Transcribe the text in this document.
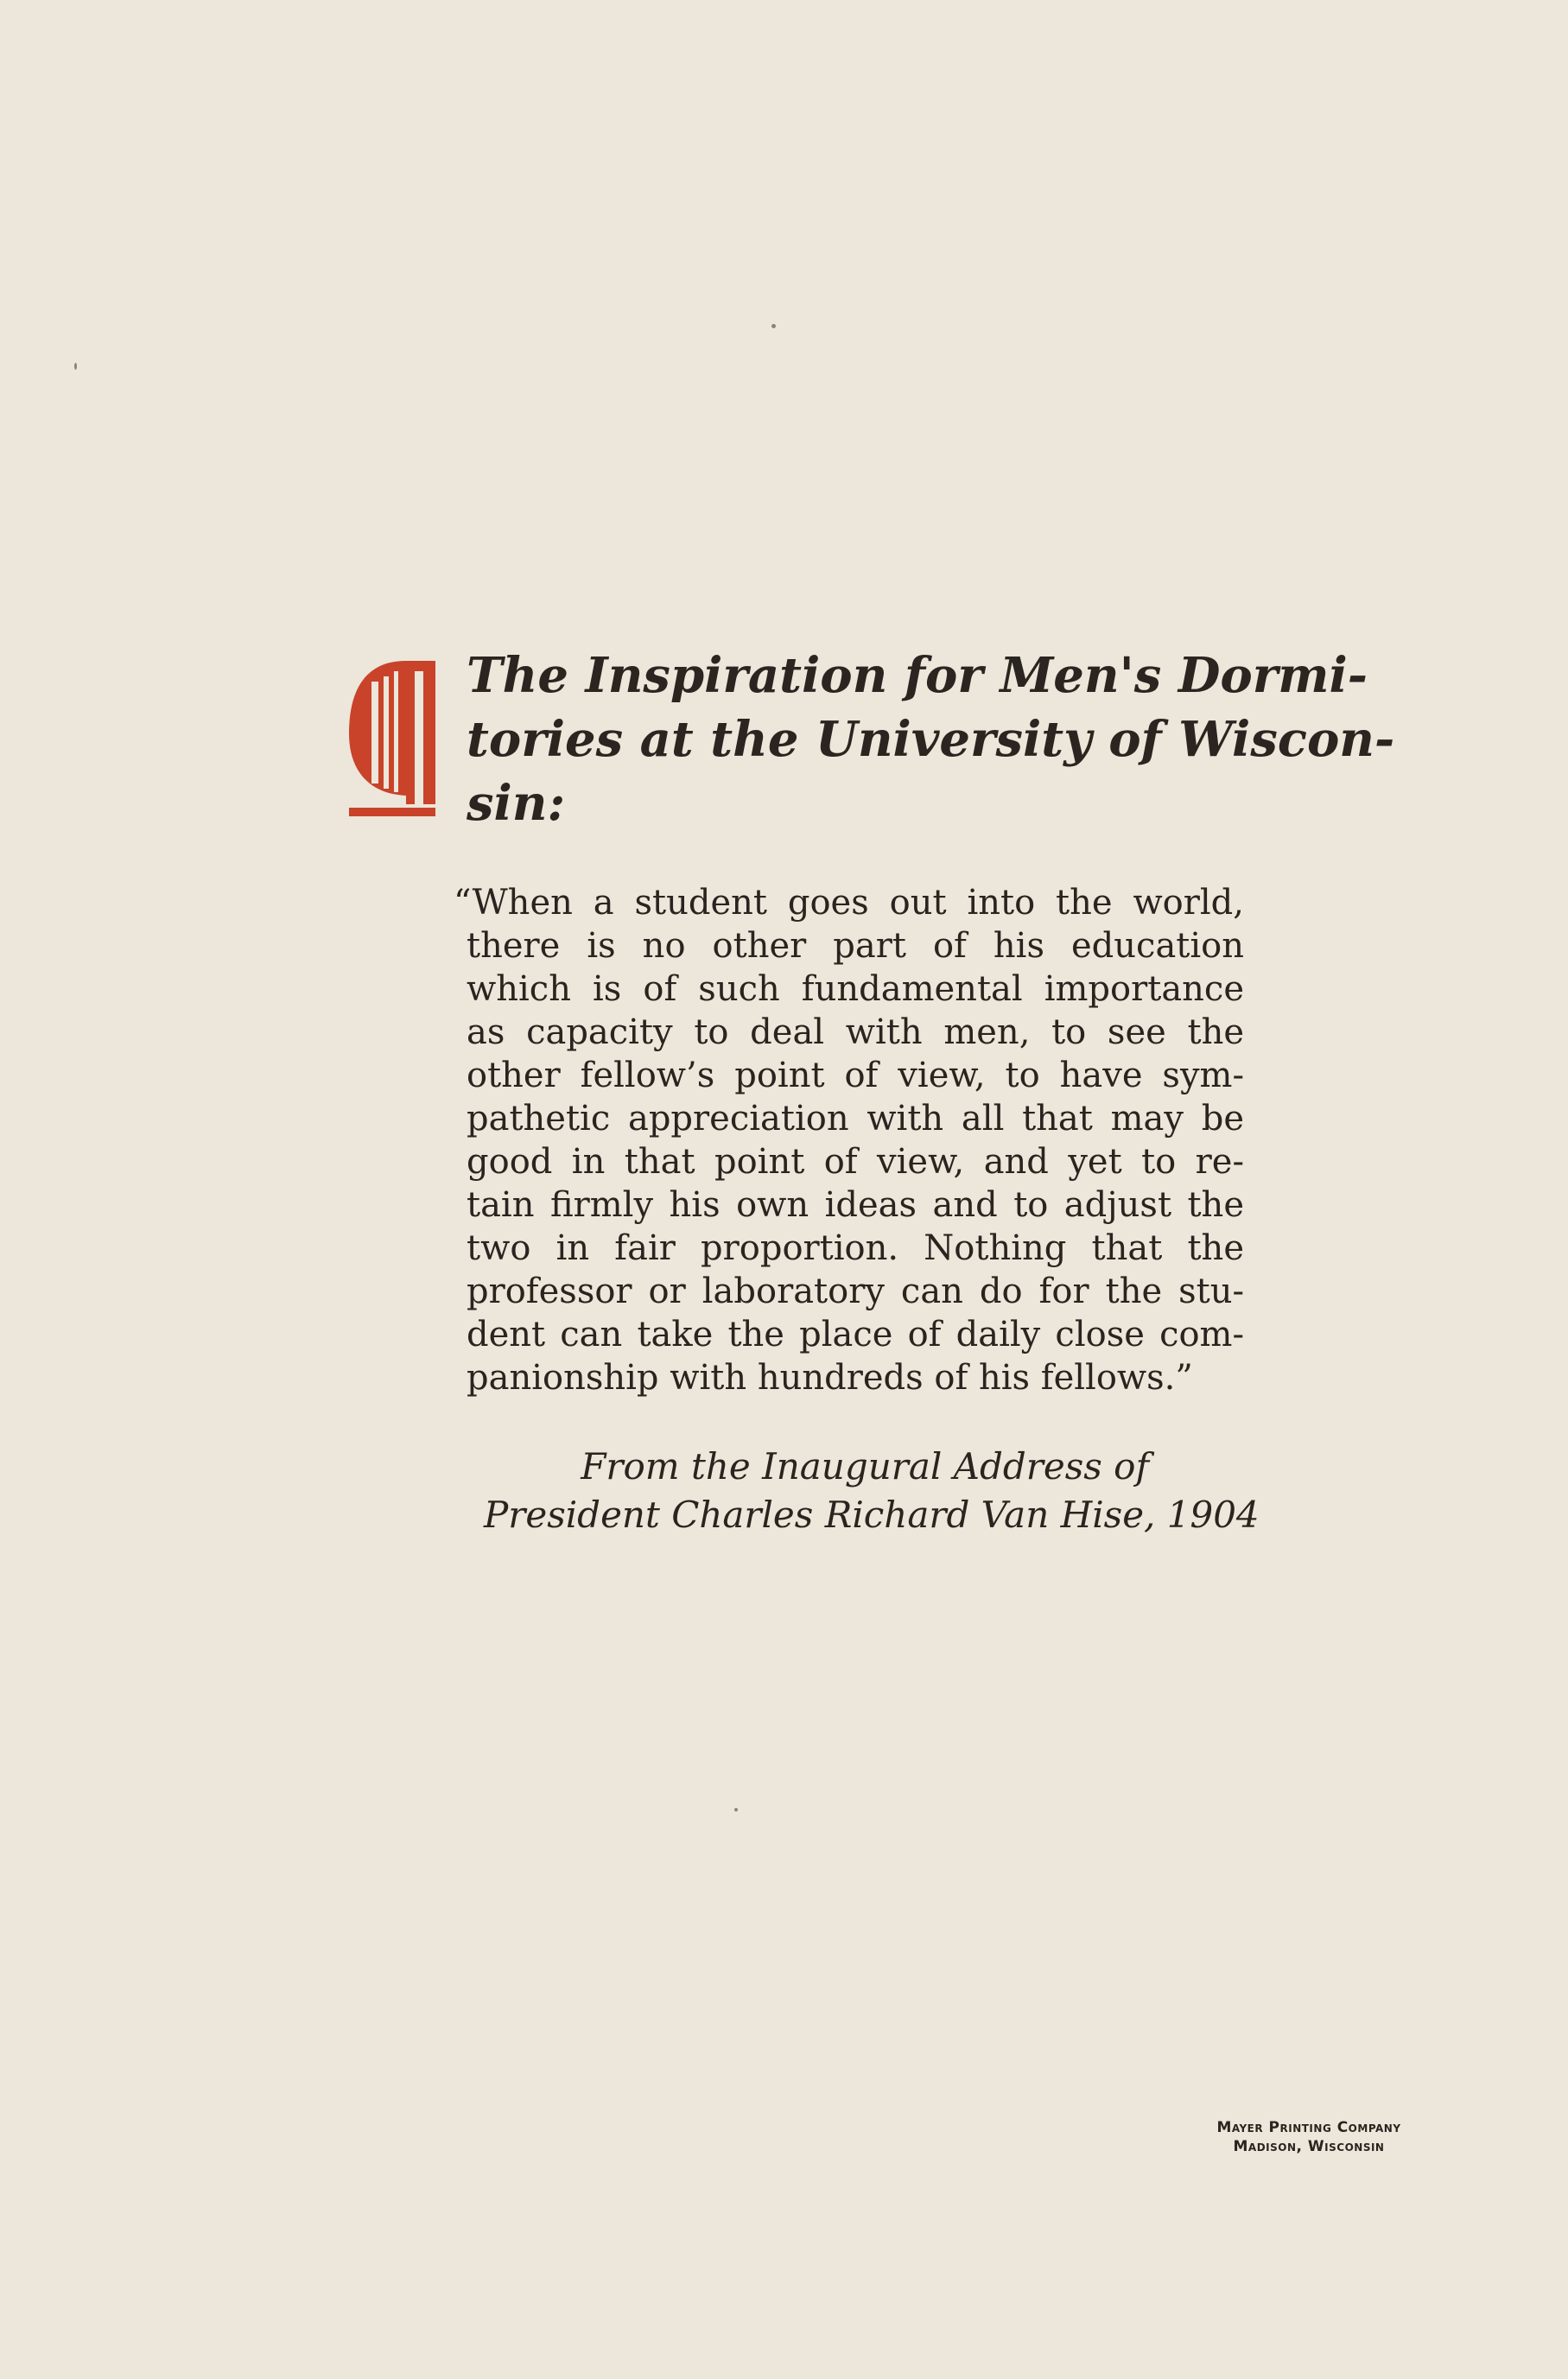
The Inspiration for Men's Dormi-
tories at the University of Wiscon-
sin:
“When a student goes out into the world,
there is no other part of his education
which is of such fundamental importance
as capacity to deal with men, to see the
other fellow’s point of view, to have sym-
pathetic appreciation with all that may be
good in that point of view, and yet to re-
tain firmly his own ideas and to adjust the
two in fair proportion. Nothing that the
professor or laboratory can do for the stu-
dent can take the place of daily close com-
panionship with hundreds of his fellows.”
From the Inaugural Address of
President Charles Richard Van Hise, 1904
Mayer Printing Company
Madison, Wisconsin
